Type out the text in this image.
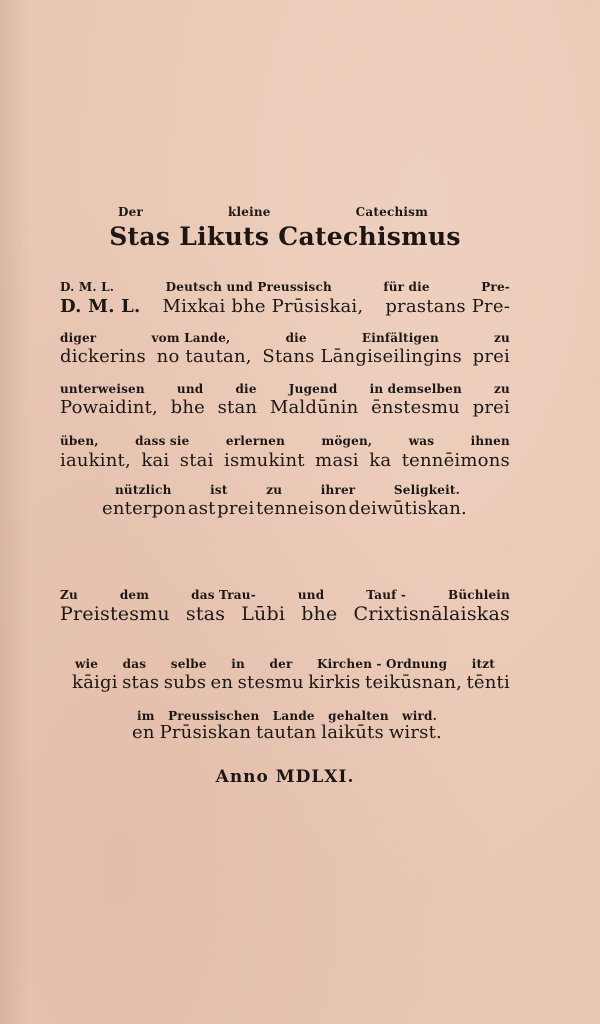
Der	kleine	Catechism
Stas Likuts Catechismus
D. M. L.	Deutsch und Preussisch	für die	Pre-
D. M. L. Mixkai bhe Prūsiskai, prastans Pre-
diger	vom Lande,	die	Einfältigen	zu
dickerins no tautan, Stans Lāngiseilingins prei
unterweisen	und	die	Jugend	in demselben	zu
Powaidint, bhe stan Maldūnin ēnstesmu prei
üben,	dass sie	erlernen	mögen,	was	ihnen
iaukint, kai stai ismukint masi ka tennēimons
nützlich	ist	zu	ihrer	Seligkeit.
enterpon ast prei tenneison deiwūtiskan.
Zu	dem	das Trau-	und	Tauf -	Büchlein
Preistesmu stas Lūbi bhe Crixtisnālaiskas
wie das selbe in der Kirchen - Ordnung itzt
kāigi stas subs en stesmu kirkis teikūsnan, tēnti
im Preussischen Lande gehalten wird.
en Prūsiskan tautan laikūts wirst.
Anno MDLXI.
